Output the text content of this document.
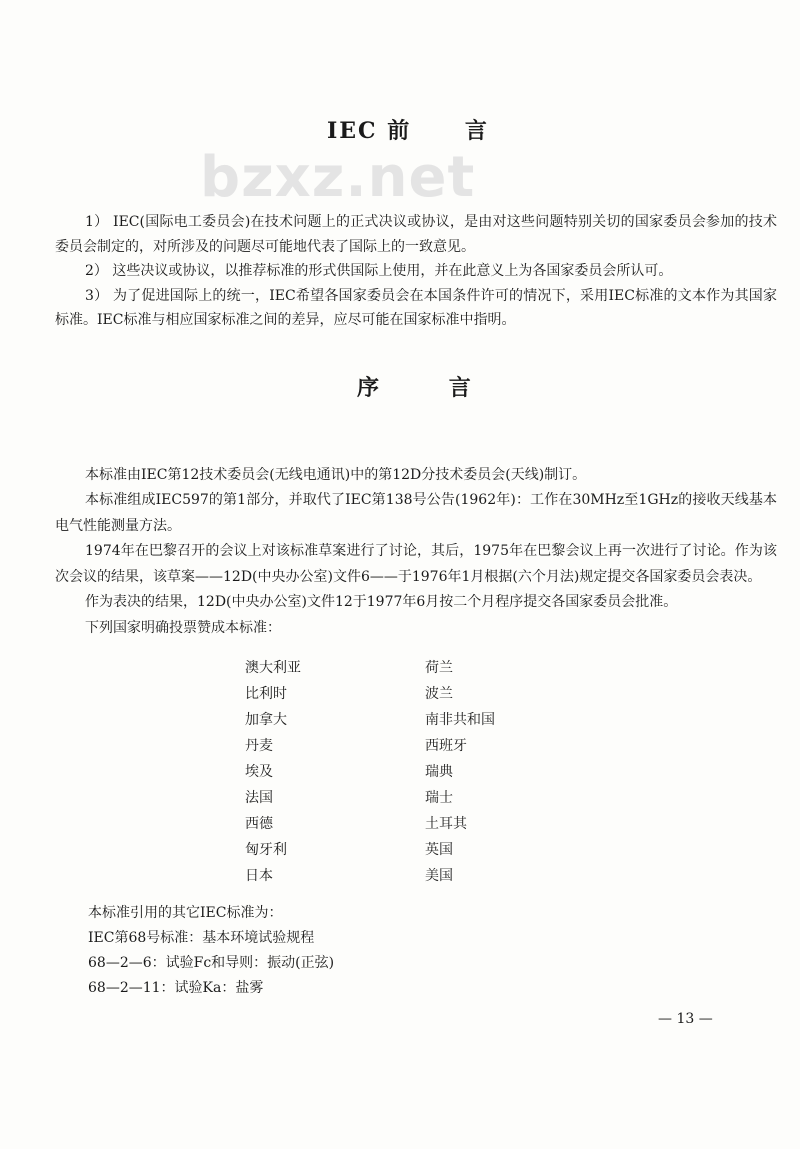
IEC 前 言
bzxz.net
1） IEC(国际电工委员会)在技术问题上的正式决议或协议，是由对这些问题特别关切的国家委员会参加的技术委员会制定的，对所涉及的问题尽可能地代表了国际上的一致意见。
2） 这些决议或协议，以推荐标准的形式供国际上使用，并在此意义上为各国家委员会所认可。
3） 为了促进国际上的统一，IEC希望各国家委员会在本国条件许可的情况下，采用IEC标准的文本作为其国家标准。IEC标准与相应国家标准之间的差异，应尽可能在国家标准中指明。
序	言
本标准由IEC第12技术委员会(无线电通讯)中的第12D分技术委员会(天线)制订。
本标准组成IEC597的第1部分，并取代了IEC第138号公告(1962年)：工作在30MHz至1GHz的接收天线基本电气性能测量方法。
1974年在巴黎召开的会议上对该标准草案进行了讨论，其后，1975年在巴黎会议上再一次进行了讨论。作为该次会议的结果，该草案——12D(中央办公室)文件6——于1976年1月根据(六个月法)规定提交各国家委员会表决。
作为表决的结果，12D(中央办公室)文件12于1977年6月按二个月程序提交各国家委员会批准。
下列国家明确投票赞成本标准：
澳大利亚
比利时
加拿大
丹麦
埃及
法国
西德
匈牙利
日本
荷兰
波兰
南非共和国
西班牙
瑞典
瑞士
土耳其
英国
美国
本标准引用的其它IEC标准为：
IEC第68号标准：基本环境试验规程
68—2—6：试验Fc和导则：振动(正弦)
68—2—11：试验Ka：盐雾
— 13 —
